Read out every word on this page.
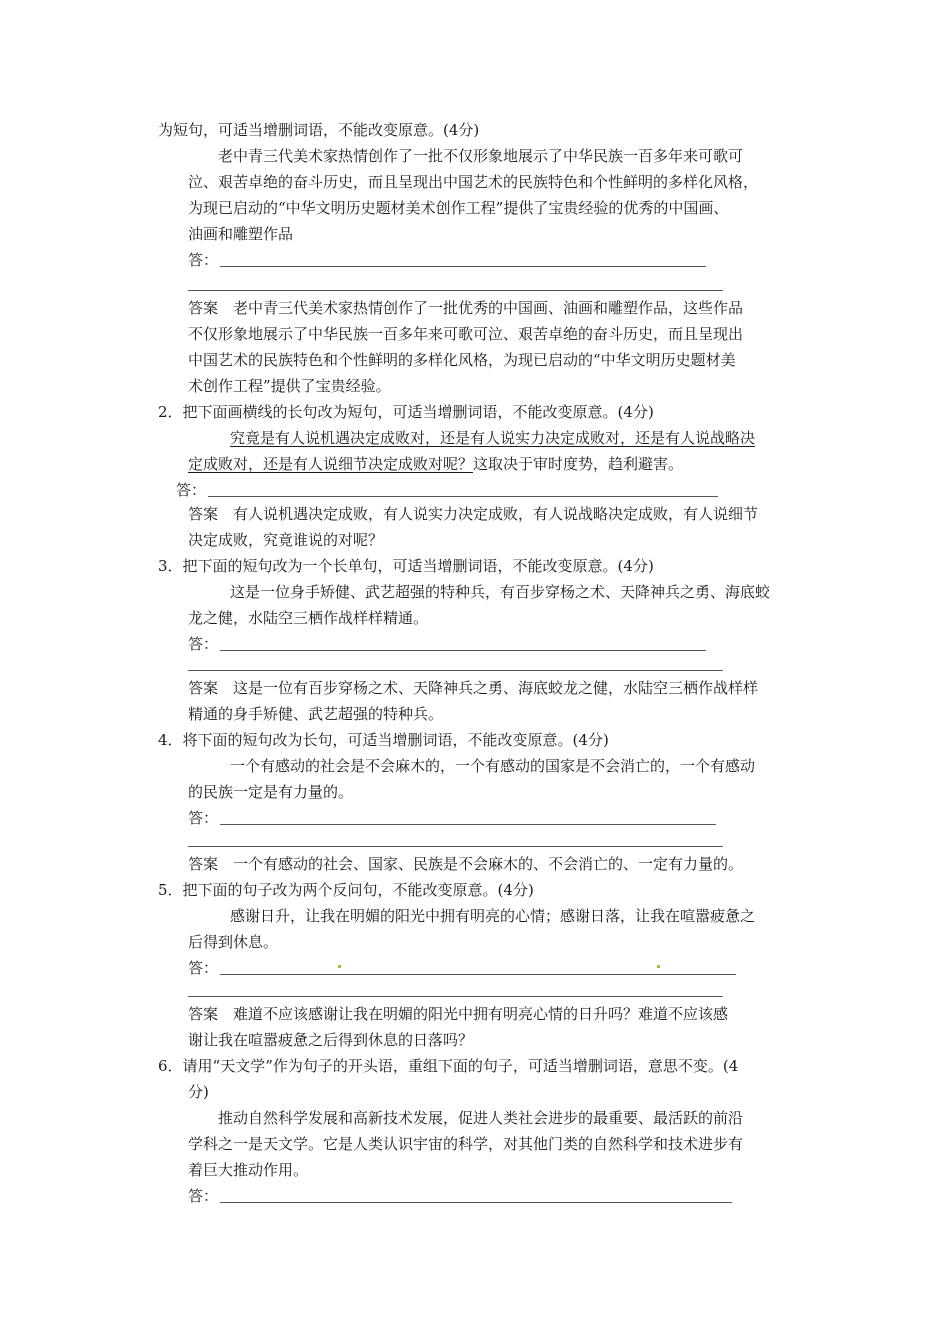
为短句，可适当增删词语，不能改变原意。(4分)
老中青三代美术家热情创作了一批不仅形象地展示了中华民族一百多年来可歌可
泣、艰苦卓绝的奋斗历史，而且呈现出中国艺术的民族特色和个性鲜明的多样化风格，
为现已启动的“中华文明历史题材美术创作工程”提供了宝贵经验的优秀的中国画、
油画和雕塑作品
答：
答案　老中青三代美术家热情创作了一批优秀的中国画、油画和雕塑作品，这些作品
不仅形象地展示了中华民族一百多年来可歌可泣、艰苦卓绝的奋斗历史，而且呈现出
中国艺术的民族特色和个性鲜明的多样化风格，为现已启动的“中华文明历史题材美
术创作工程”提供了宝贵经验。
2．把下面画横线的长句改为短句，可适当增删词语，不能改变原意。(4分)
究竟是有人说机遇决定成败对，还是有人说实力决定成败对，还是有人说战略决
定成败对，还是有人说细节决定成败对呢？这取决于审时度势，趋利避害。
答：
答案　有人说机遇决定成败，有人说实力决定成败，有人说战略决定成败，有人说细节
决定成败，究竟谁说的对呢？
3．把下面的短句改为一个长单句，可适当增删词语，不能改变原意。(4分)
这是一位身手矫健、武艺超强的特种兵，有百步穿杨之术、天降神兵之勇、海底蛟
龙之健，水陆空三栖作战样样精通。
答：
答案　这是一位有百步穿杨之术、天降神兵之勇、海底蛟龙之健，水陆空三栖作战样样
精通的身手矫健、武艺超强的特种兵。
4．将下面的短句改为长句，可适当增删词语，不能改变原意。(4分)
一个有感动的社会是不会麻木的，一个有感动的国家是不会消亡的，一个有感动
的民族一定是有力量的。
答：
答案　一个有感动的社会、国家、民族是不会麻木的、不会消亡的、一定有力量的。
5．把下面的句子改为两个反问句，不能改变原意。(4分)
感谢日升，让我在明媚的阳光中拥有明亮的心情；感谢日落，让我在喧嚣疲惫之
后得到休息。
答：
答案　难道不应该感谢让我在明媚的阳光中拥有明亮心情的日升吗？难道不应该感
谢让我在喧嚣疲惫之后得到休息的日落吗？
6．请用“天文学”作为句子的开头语，重组下面的句子，可适当增删词语，意思不变。(4
分)
推动自然科学发展和高新技术发展，促进人类社会进步的最重要、最活跃的前沿
学科之一是天文学。它是人类认识宇宙的科学，对其他门类的自然科学和技术进步有
着巨大推动作用。
答：
